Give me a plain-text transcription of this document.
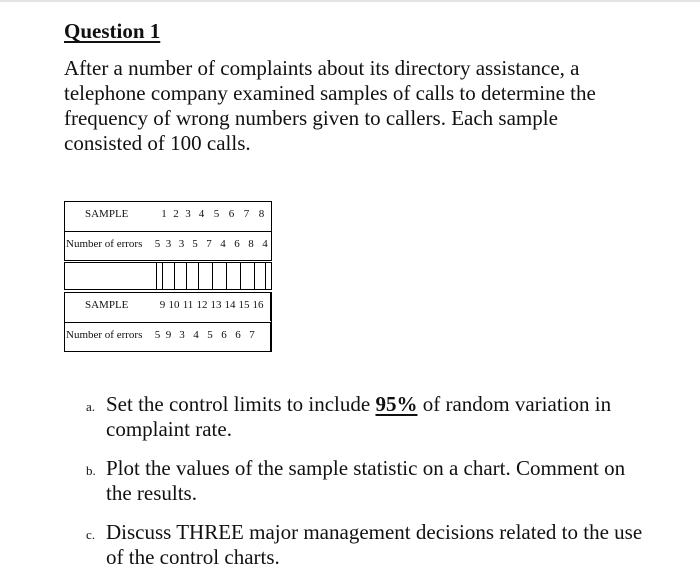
Question 1

After a number of complaints about its directory assistance, a telephone company examined samples of calls to determine the frequency of wrong numbers given to callers. Each sample consisted of 100 calls.

SAMPLE	1 2 3 4 5 6 7 8
Number of errors 5 3 3 5 7 4 6 8 4
SAMPLE	9 10 11 12 13 14 15 16
Number of errors 5 9 3 4 5 6 6 7
a. Set the control limits to include 95% of random variation in complaint rate.
b. Plot the values of the sample statistic on a chart. Comment on the results.
c. Discuss THREE major management decisions related to the use of the control charts.
